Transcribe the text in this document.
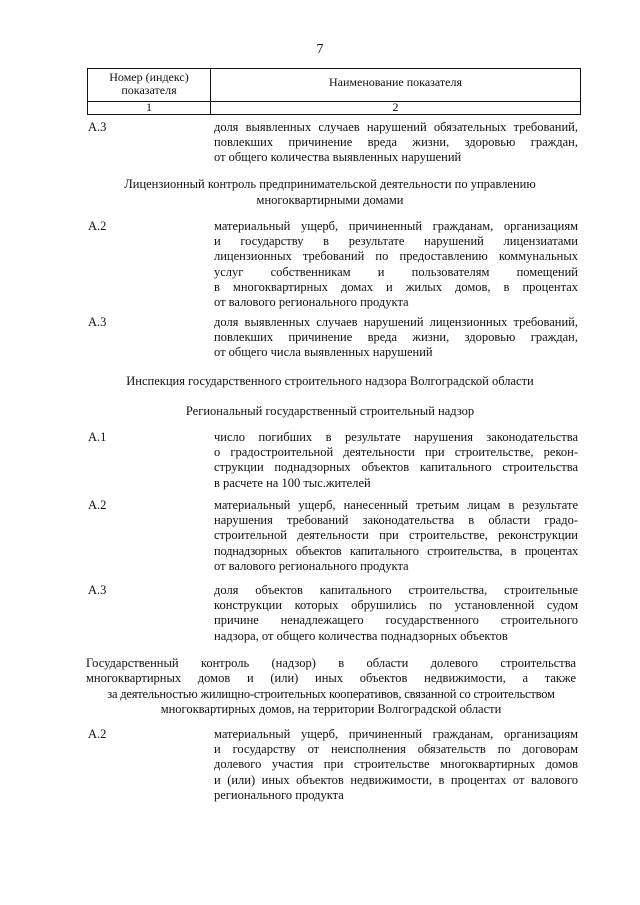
7
Номер (индекс)
показателя
Наименование показателя
1	2
А.3	доля выявленных случаев нарушений обязательных требований,
повлекших причинение вреда жизни, здоровью граждан,
от общего количества выявленных нарушений
Лицензионный контроль предпринимательской деятельности по управлению
многоквартирными домами
А.2	материальный ущерб, причиненный гражданам, организациям
и государству в результате нарушений лицензиатами
лицензионных требований по предоставлению коммунальных
услуг собственникам и пользователям помещений
в многоквартирных домах и жилых домов, в процентах
от валового регионального продукта
А.3	доля выявленных случаев нарушений лицензионных требований,
повлекших причинение вреда жизни, здоровью граждан,
от общего числа выявленных нарушений
Инспекция государственного строительного надзора Волгоградской области
Региональный государственный строительный надзор
А.1	число погибших в результате нарушения законодательства
о градостроительной деятельности при строительстве, рекон-
струкции поднадзорных объектов капитального строительства
в расчете на 100 тыс.жителей
А.2	материальный ущерб, нанесенный третьим лицам в результате
нарушения требований законодательства в области градо-
строительной деятельности при строительстве, реконструкции
поднадзорных объектов капитального строительства, в процентах
от валового регионального продукта
А.3	доля объектов капитального строительства, строительные
конструкции которых обрушились по установленной судом
причине ненадлежащего государственного строительного
надзора, от общего количества поднадзорных объектов
Государственный контроль (надзор) в области долевого строительства
многоквартирных домов и (или) иных объектов недвижимости, а также
за деятельностью жилищно-строительных кооперативов, связанной со строительством
многоквартирных домов, на территории Волгоградской области
А.2	материальный ущерб, причиненный гражданам, организациям
и государству от неисполнения обязательств по договорам
долевого участия при строительстве многоквартирных домов
и (или) иных объектов недвижимости, в процентах от валового
регионального продукта
